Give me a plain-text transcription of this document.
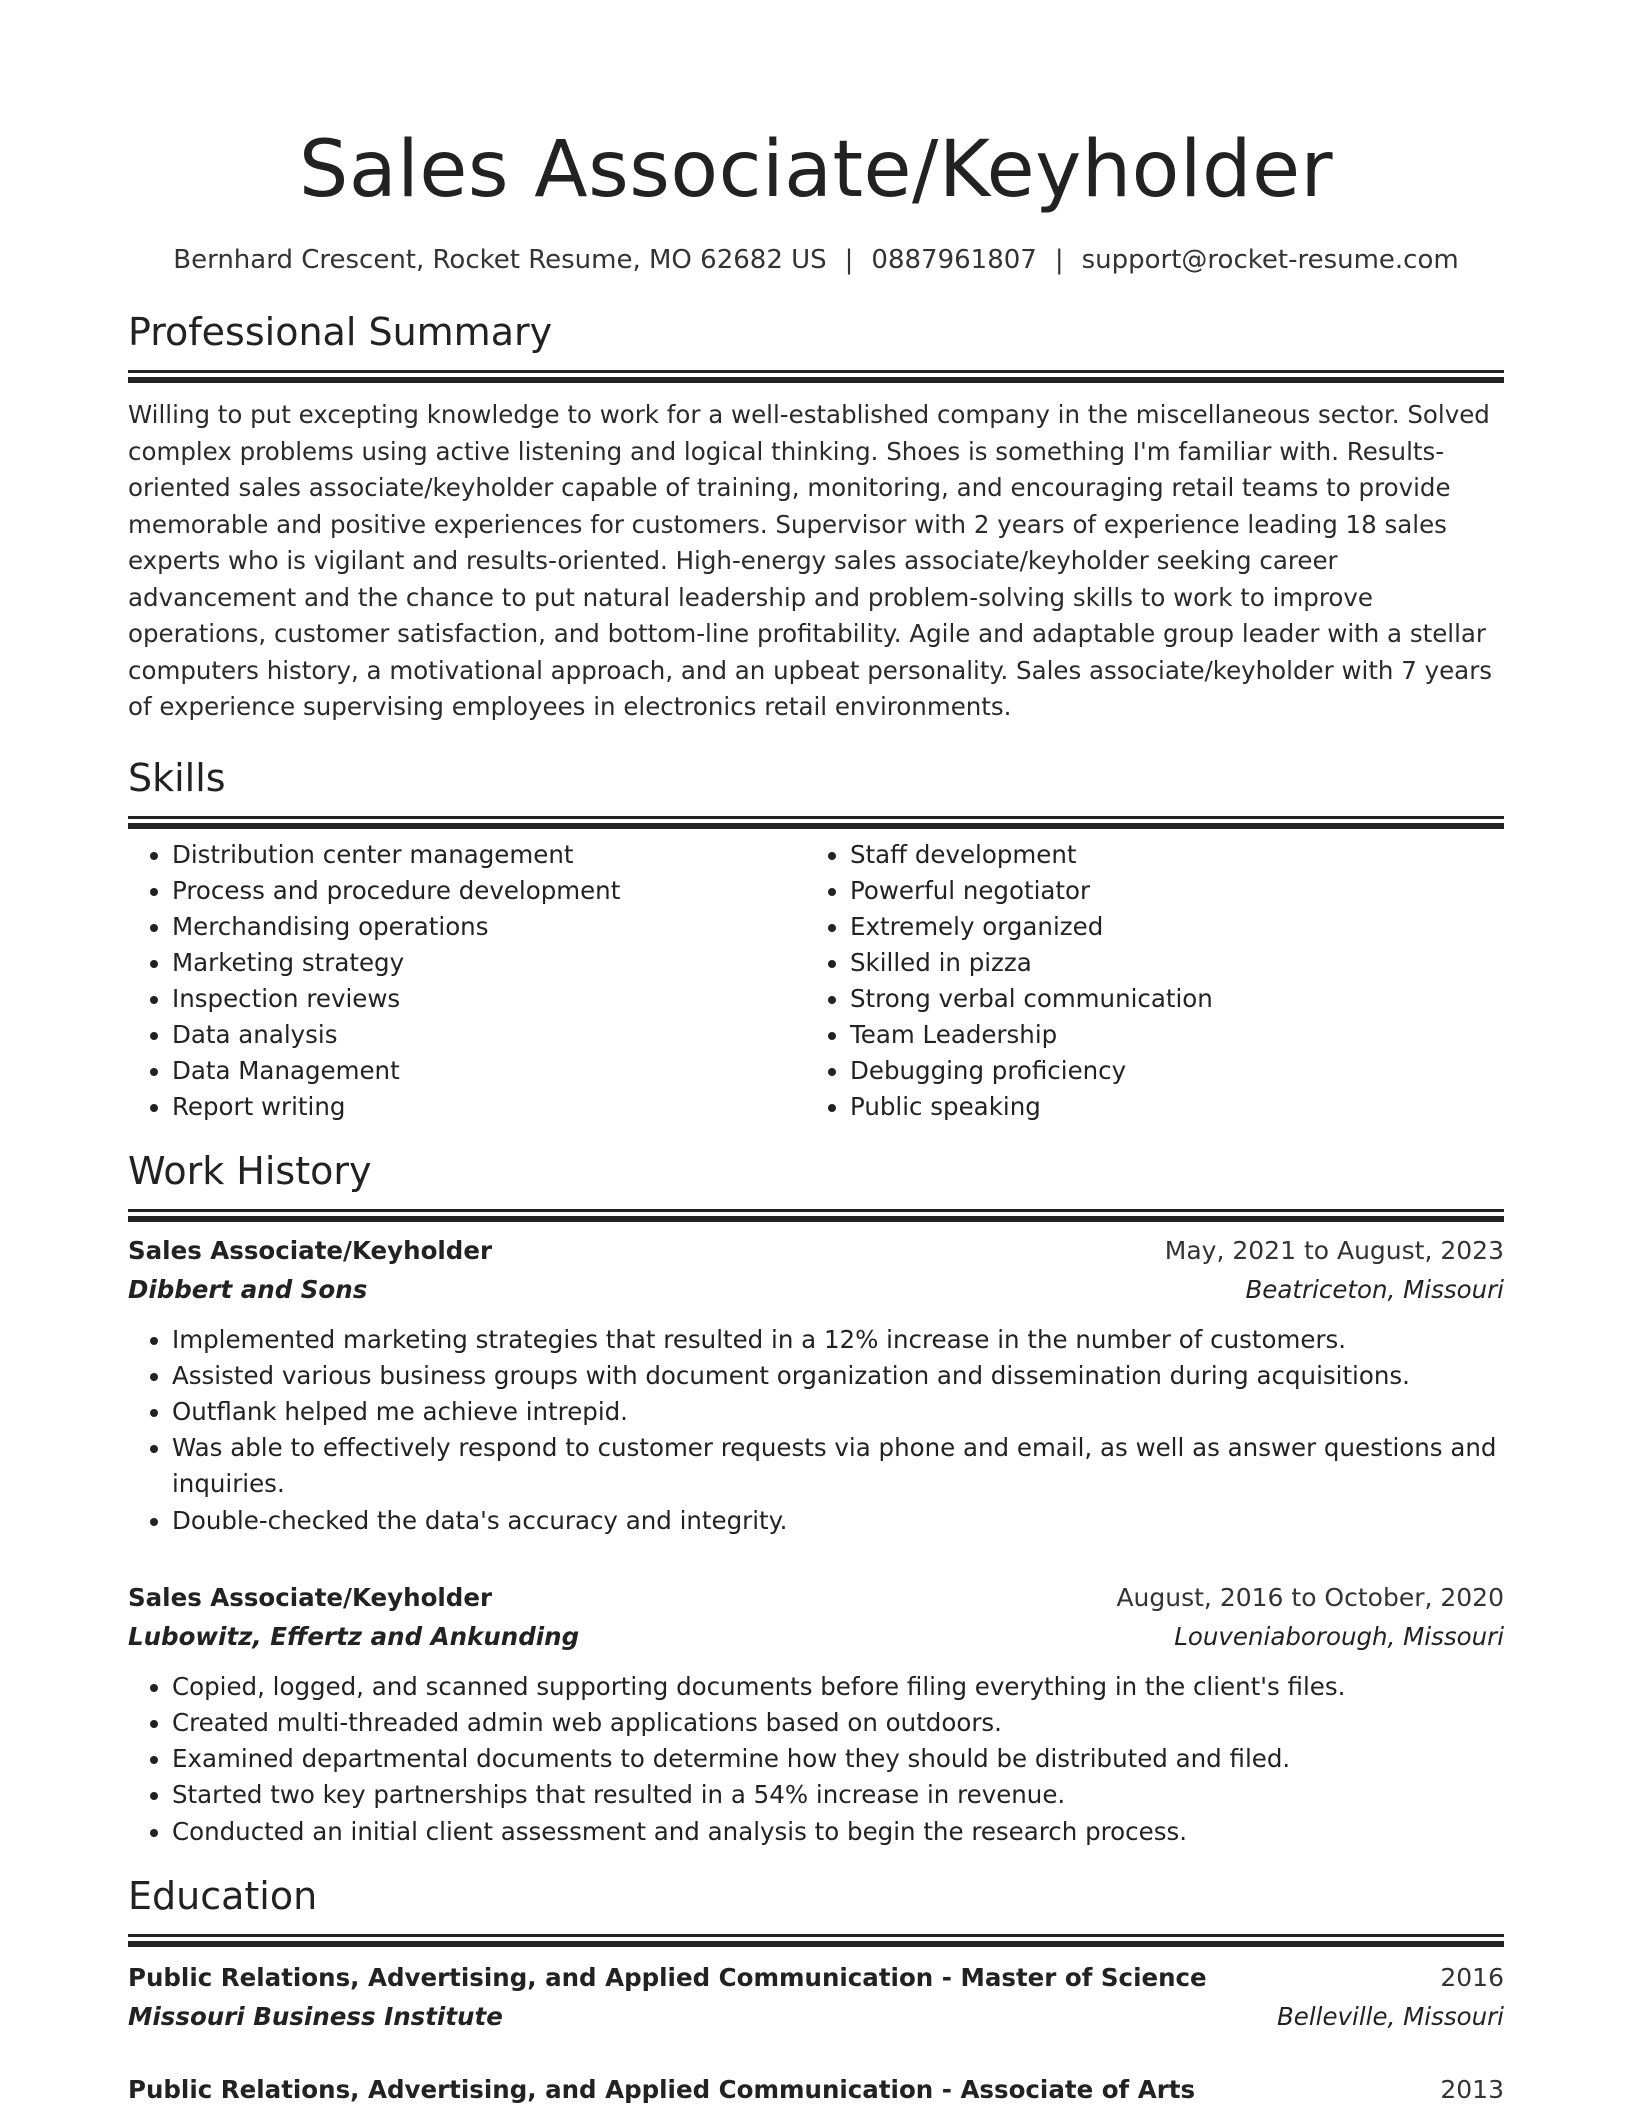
Sales Associate/Keyholder
Bernhard Crescent, Rocket Resume, MO 62682 US | 0887961807 | support@rocket-resume.com
Professional Summary
Willing to put excepting knowledge to work for a well-established company in the miscellaneous sector. Solved complex problems using active listening and logical thinking. Shoes is something I'm familiar with. Results-oriented sales associate/keyholder capable of training, monitoring, and encouraging retail teams to provide memorable and positive experiences for customers. Supervisor with 2 years of experience leading 18 sales experts who is vigilant and results-oriented. High-energy sales associate/keyholder seeking career advancement and the chance to put natural leadership and problem-solving skills to work to improve operations, customer satisfaction, and bottom-line profitability. Agile and adaptable group leader with a stellar computers history, a motivational approach, and an upbeat personality. Sales associate/keyholder with 7 years of experience supervising employees in electronics retail environments.
Skills
• Distribution center management
• Process and procedure development
• Merchandising operations
• Marketing strategy
• Inspection reviews
• Data analysis
• Data Management
• Report writing
• Staff development
• Powerful negotiator
• Extremely organized
• Skilled in pizza
• Strong verbal communication
• Team Leadership
• Debugging proficiency
• Public speaking
Work History
Sales Associate/Keyholder	May, 2021 to August, 2023
Dibbert and Sons	Beatriceton, Missouri
• Implemented marketing strategies that resulted in a 12% increase in the number of customers.
• Assisted various business groups with document organization and dissemination during acquisitions.
• Outflank helped me achieve intrepid.
• Was able to effectively respond to customer requests via phone and email, as well as answer questions and inquiries.
• Double-checked the data's accuracy and integrity.
Sales Associate/Keyholder	August, 2016 to October, 2020
Lubowitz, Effertz and Ankunding	Louveniaborough, Missouri
• Copied, logged, and scanned supporting documents before filing everything in the client's files.
• Created multi-threaded admin web applications based on outdoors.
• Examined departmental documents to determine how they should be distributed and filed.
• Started two key partnerships that resulted in a 54% increase in revenue.
• Conducted an initial client assessment and analysis to begin the research process.
Education
Public Relations, Advertising, and Applied Communication - Master of Science	2016
Missouri Business Institute	Belleville, Missouri
Public Relations, Advertising, and Applied Communication - Associate of Arts	2013
